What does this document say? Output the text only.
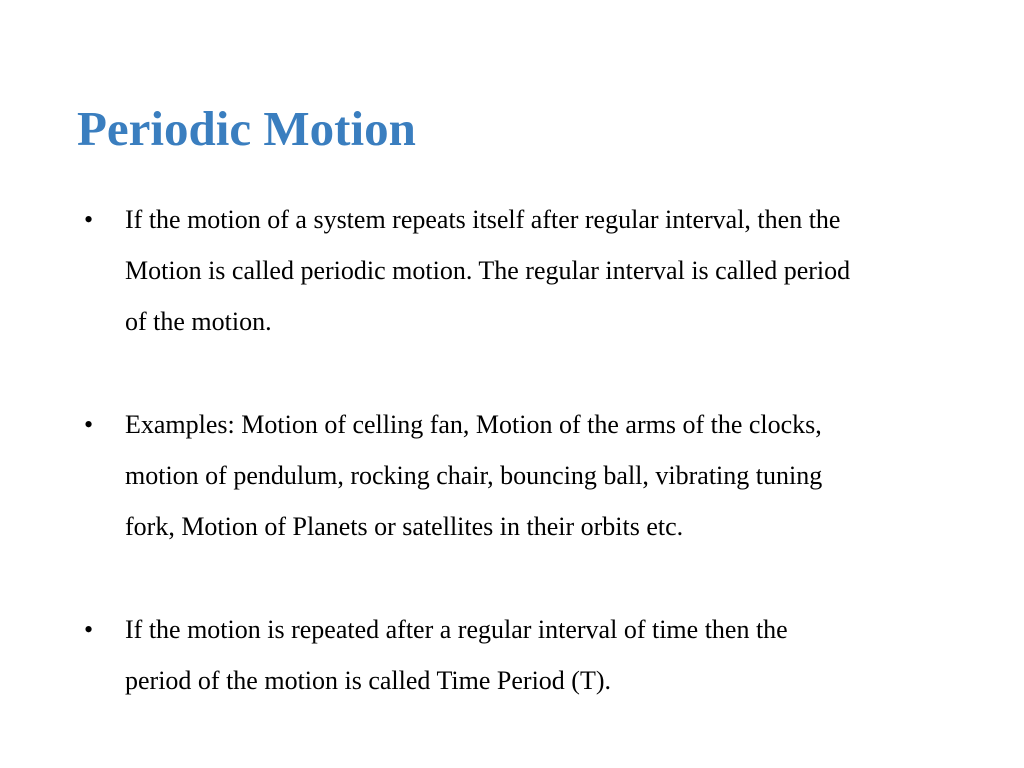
Periodic Motion
• If the motion of a system repeats itself after regular interval, then the
Motion is called periodic motion. The regular interval is called period
of the motion.

• Examples: Motion of celling fan, Motion of the arms of the clocks,
motion of pendulum, rocking chair, bouncing ball, vibrating tuning
fork, Motion of Planets or satellites in their orbits etc.

• If the motion is repeated after a regular interval of time then the
period of the motion is called Time Period (T).
